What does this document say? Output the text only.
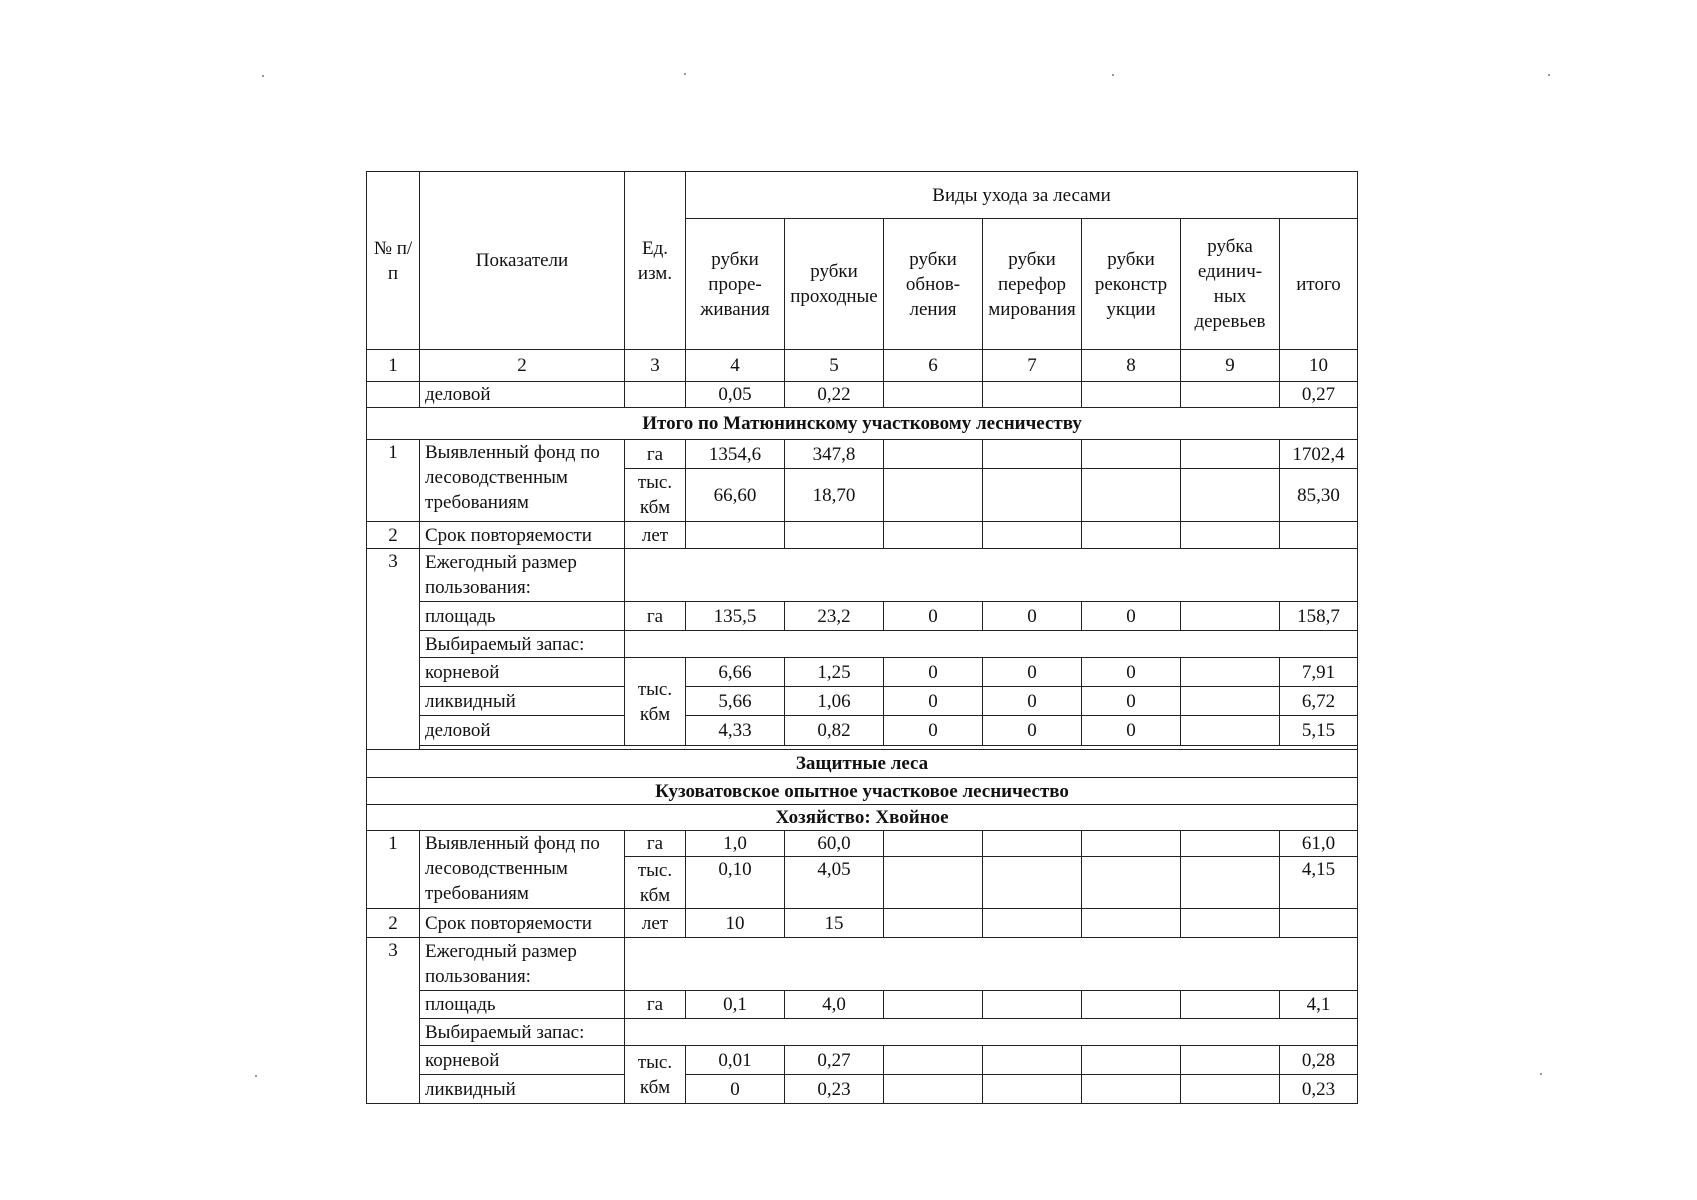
№ п/п	Показатели	Ед. изм.	Виды ухода за лесами						
			рубки проре-живания	рубки проходные	рубки обнов-ления	рубки перефор мирования	рубки реконстр укции	рубка единич-ных деревьев	итого
1	2	3	4	5	6	7	8	9	10
	деловой		0,05	0,22					0,27
Итого по Матюнинскому участковому лесничеству									
1	Выявленный фонд по лесоводственным требованиям	га	1354,6	347,8					1702,4
		тыс. кбм	66,60	18,70					85,30
2	Срок повторяемости	лет							
3	Ежегодный размер пользования:								
	площадь	га	135,5	23,2	0	0	0		158,7
	Выбираемый запас:								
	корневой	тыс. кбм	6,66	1,25	0	0	0		7,91
	ликвидный		5,66	1,06	0	0	0		6,72
	деловой		4,33	0,82	0	0	0		5,15

Защитные леса									
Кузоватовское опытное участковое лесничество									
Хозяйство: Хвойное									
1	Выявленный фонд по лесоводственным требованиям	га	1,0	60,0					61,0
		тыс. кбм	0,10	4,05					4,15
2	Срок повторяемости	лет	10	15					
3	Ежегодный размер пользования:								
	площадь	га	0,1	4,0					4,1
	Выбираемый запас:								
	корневой	тыс. кбм	0,01	0,27					0,28
	ликвидный		0	0,23					0,23
